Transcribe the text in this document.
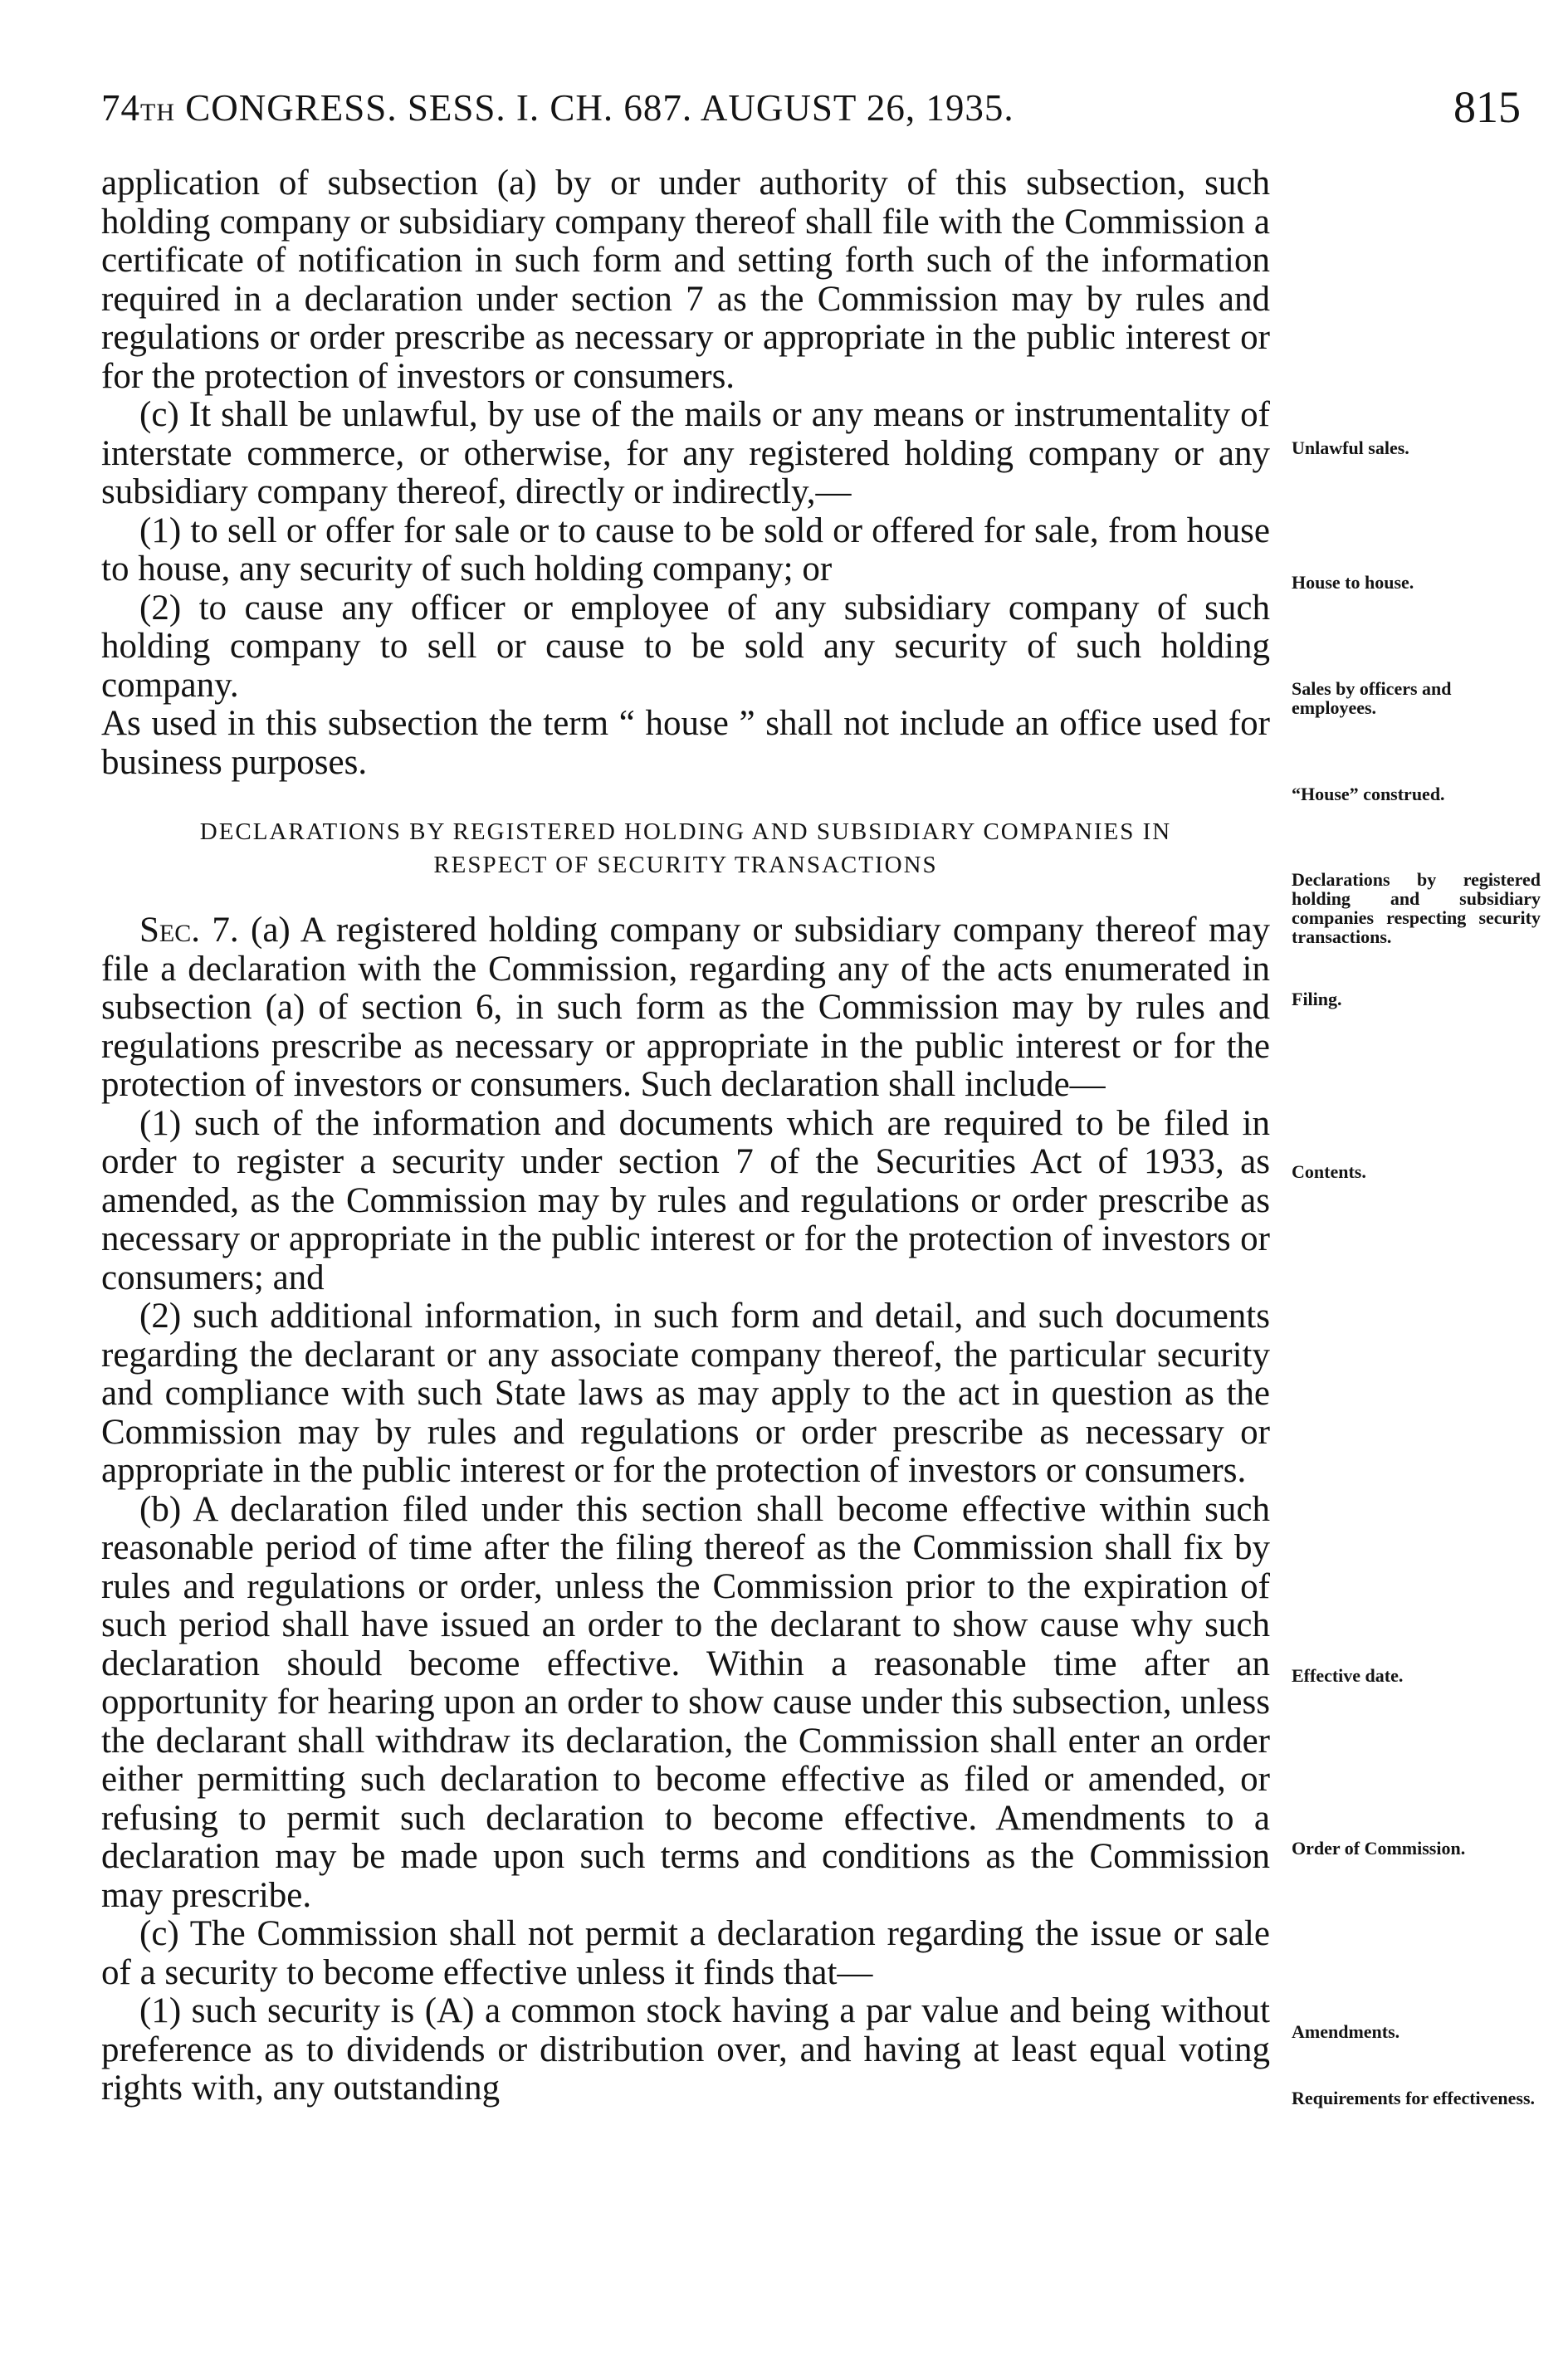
74TH CONGRESS. SESS. I. CH. 687. AUGUST 26, 1935.	815

application of subsection (a) by or under authority of this subsection, such holding company or subsidiary company thereof shall file with the Commission a certificate of notification in such form and setting forth such of the information required in a declaration under section 7 as the Commission may by rules and regulations or order prescribe as necessary or appropriate in the public interest or for the protection of investors or consumers.

(c) It shall be unlawful, by use of the mails or any means or instrumentality of interstate commerce, or otherwise, for any registered holding company or any subsidiary company thereof, directly or indirectly,—

(1) to sell or offer for sale or to cause to be sold or offered for sale, from house to house, any security of such holding company; or

(2) to cause any officer or employee of any subsidiary company of such holding company to sell or cause to be sold any security of such holding company.

As used in this subsection the term “ house ” shall not include an office used for business purposes.

DECLARATIONS BY REGISTERED HOLDING AND SUBSIDIARY COMPANIES IN
RESPECT OF SECURITY TRANSACTIONS

Sec. 7. (a) A registered holding company or subsidiary company thereof may file a declaration with the Commission, regarding any of the acts enumerated in subsection (a) of section 6, in such form as the Commission may by rules and regulations prescribe as necessary or appropriate in the public interest or for the protection of investors or consumers. Such declaration shall include—

(1) such of the information and documents which are required to be filed in order to register a security under section 7 of the Securities Act of 1933, as amended, as the Commission may by rules and regulations or order prescribe as necessary or appropriate in the public interest or for the protection of investors or consumers; and

(2) such additional information, in such form and detail, and such documents regarding the declarant or any associate company thereof, the particular security and compliance with such State laws as may apply to the act in question as the Commission may by rules and regulations or order prescribe as necessary or appropriate in the public interest or for the protection of investors or consumers.

(b) A declaration filed under this section shall become effective within such reasonable period of time after the filing thereof as the Commission shall fix by rules and regulations or order, unless the Commission prior to the expiration of such period shall have issued an order to the declarant to show cause why such declaration should become effective. Within a reasonable time after an opportunity for hearing upon an order to show cause under this subsection, unless the declarant shall withdraw its declaration, the Commission shall enter an order either permitting such declaration to become effective as filed or amended, or refusing to permit such declaration to become effective. Amendments to a declaration may be made upon such terms and conditions as the Commission may prescribe.

(c) The Commission shall not permit a declaration regarding the issue or sale of a security to become effective unless it finds that—

(1) such security is (A) a common stock having a par value and being without preference as to dividends or distribution over, and having at least equal voting rights with, any outstanding

Unlawful sales.
House to house.
Sales by officers and employees.
“House” construed.
Declarations by registered holding and subsidiary companies respecting security transactions.
Filing.
Contents.
Effective date.
Order of Commission.
Amendments.
Requirements for effectiveness.
